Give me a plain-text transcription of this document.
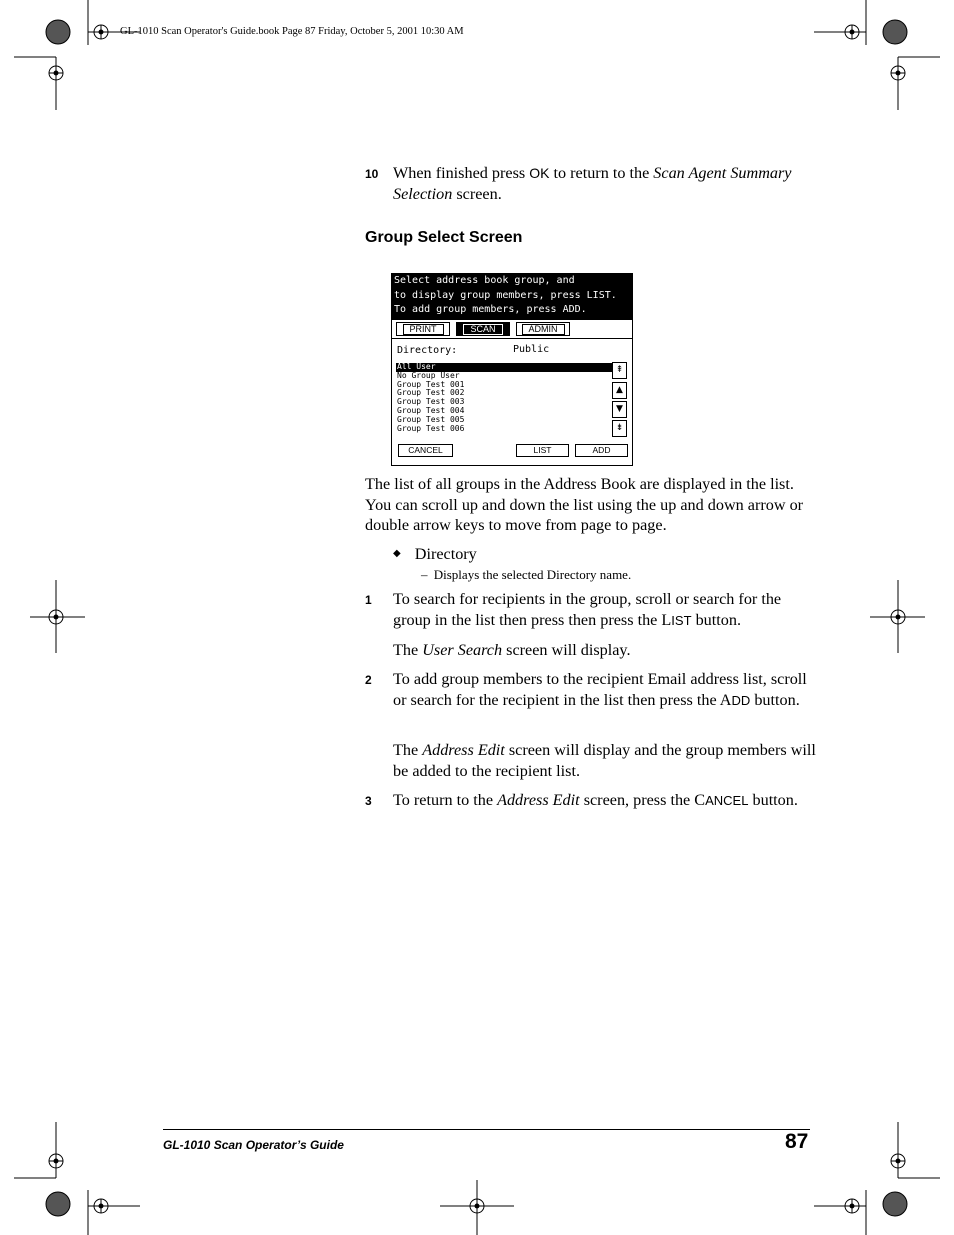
GL-1010 Scan Operator's Guide.book Page 87 Friday, October 5, 2001 10:30 AM
10 When finished press OK to return to the Scan Agent Summary Selection screen.
Group Select Screen
Select address book group, and
to display group members, press LIST.
To add group members, press ADD.
PRINT	SCAN	ADMIN
Directory:	Public
All User
No Group User
Group Test 001
Group Test 002
Group Test 003
Group Test 004
Group Test 005
Group Test 006
⇞
▲
▼
⇟
CANCEL	LIST	ADD
The list of all groups in the Address Book are displayed in the list. You can scroll up and down the list using the up and down arrow or double arrow keys to move from page to page.
◆ Directory
– Displays the selected Directory name.
1 To search for recipients in the group, scroll or search for the group in the list then press then press the LIST button.
The User Search screen will display.
2 To add group members to the recipient Email address list, scroll or search for the recipient in the list then press the ADD button.
The Address Edit screen will display and the group members will be added to the recipient list.
3 To return to the Address Edit screen, press the CANCEL button.
GL-1010 Scan Operator’s Guide	87
